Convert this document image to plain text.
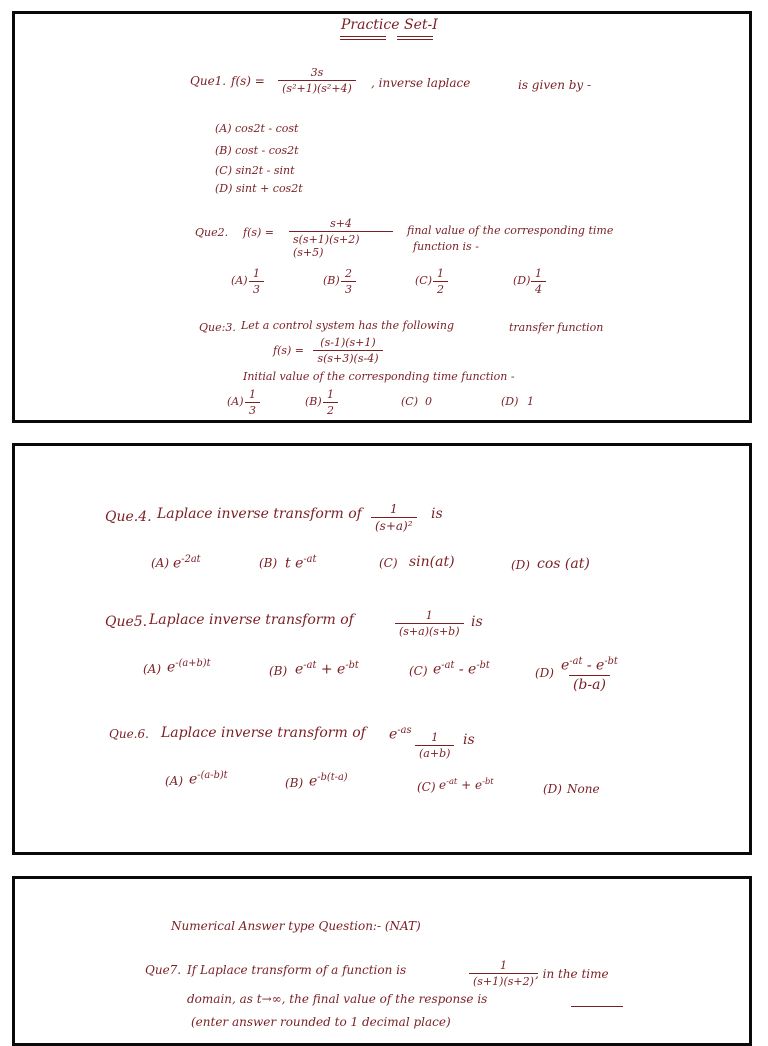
Practice Set-I
Que1. $f(s) = \frac{3s}{\text{(s²+1)(s²+4)}}$ , inverse laplace	is given by -
(A) cos2t - cost
(B) cost - cos2t
(C) sin2t - sint
(D) sint + cos2t
Que2. $f(s) = \frac{s+4}{s(s+1)(s+2)(s+5)}$ final value of the corresponding time
function is -
$(A) \frac{1}{3}$	$(B) \frac{2}{3}$	$(C) \frac{1}{2}$	$(D) \frac{1}{4}$
Que:3. Let a control system has the following	transfer function
$f(s) = \frac{(s-1)(s+1)}{s(s+3)(s-4)}$
Initial value of the corresponding time function -
$(A) \frac{1}{3}$	$(B) \frac{1}{2}$	(C) 0	(D) 1
Que.4. Laplace inverse transform of $\frac{1}{\text{(s+a)²}}$ is
(A) $e^{-2at}$	(B) t $e^{-at}$	(C) sin(at)	(D) cos (at)
Que5. Laplace inverse transform of	$\frac{1}{(s+a)(s+b)}$ is
(A) $e^{-(a+b)t}$
(B) $e^{-at} + e^{-bt}$	(C) $e^{-at} - e^{-bt}$
$(D) \frac{e^{-at} - e^{-bt}}{(b-a)}$
Que.6. Laplace inverse transform of $e^{-as}$
$\frac{1}{(a+b)}$ is
(A) $e^{-(a-b)t}$
(B) $e^{-b(t-a)}$
(C) $e^{-at} + e^{-bt}$
(D) None
Numerical Answer type Question:- (NAT)
Que7. If Laplace transform of a function is	$\frac{1}{(s+1)(s+2)}$
, in the time
domain, as t→∞, the final value of the response is
(enter answer rounded to 1 decimal place)
